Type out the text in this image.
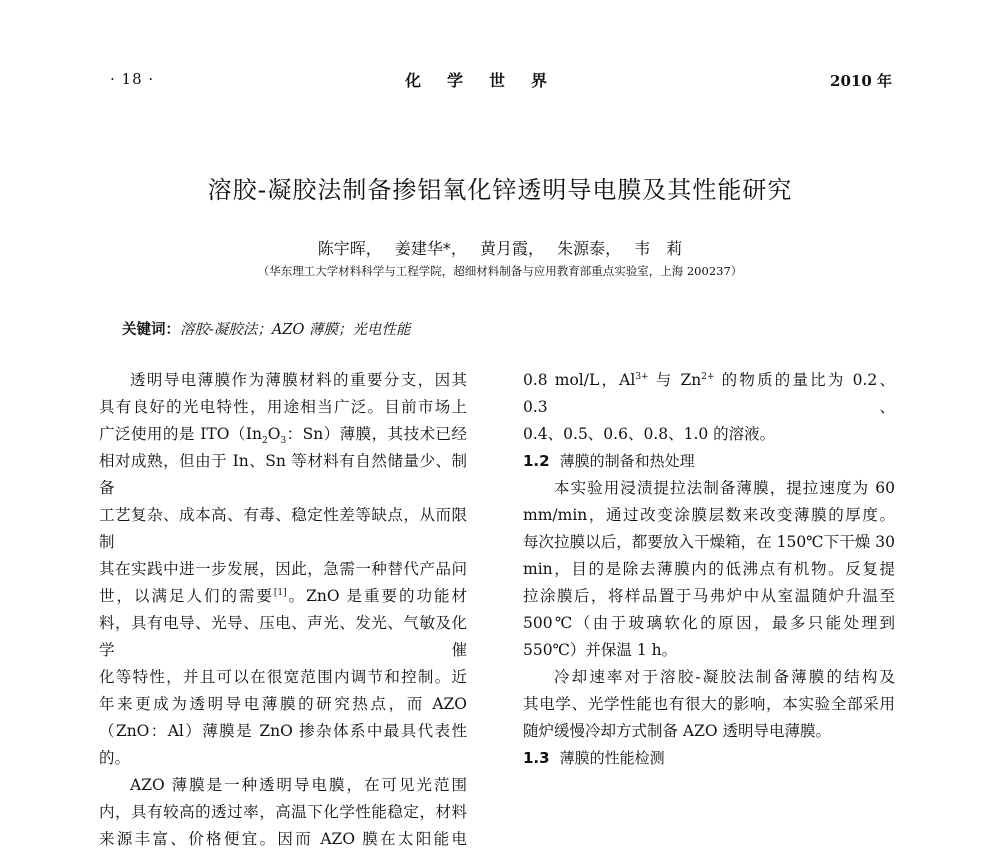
· 18 ·	化学世界	2010 年
溶胶-凝胶法制备掺铝氧化锌透明导电膜及其性能研究
陈宇晖， 姜建华*， 黄月霞， 朱源泰， 韦　莉
（华东理工大学材料科学与工程学院，超细材料制备与应用教育部重点实验室，上海 200237）
关键词：溶胶-凝胶法；AZO 薄膜；光电性能

透明导电薄膜作为薄膜材料的重要分支，因其

具有良好的光电特性，用途相当广泛。目前市场上

广泛使用的是 $ITO(In_2O_3$：Sn）薄膜，其技术已经

相对成熟，但由于 In、Sn 等材料有自然储量少、制备

工艺复杂、成本高、有毒、稳定性差等缺点，从而限制

其在实践中进一步发展，因此，急需一种替代产品问

世，以满足人们的需要[1]。ZnO 是重要的功能材

料，具有电导、光导、压电、声光、发光、气敏及化学催

化等特性，并且可以在很宽范围内调节和控制。近

年来更成为透明导电薄膜的研究热点，而 AZO

（ZnO：Al）薄膜是 ZnO 掺杂体系中最具代表性的。

AZO 薄膜是一种透明导电膜，在可见光范围

内，具有较高的透过率，高温下化学性能稳定，材料

来源丰富、价格便宜。因而 AZO 膜在太阳能电

0.8 mol/L，$Al^{3+}$ 与 $Zn^{2+}$ 的物质的量比为 0.2、0.3、

0.4、0.5、0.6、0.8、1.0 的溶液。

1.2 薄膜的制备和热处理

本实验用浸渍提拉法制备薄膜，提拉速度为 60

mm/min，通过改变涂膜层数来改变薄膜的厚度。

每次拉膜以后，都要放入干燥箱，在 150℃下干燥 30

min，目的是除去薄膜内的低沸点有机物。反复提

拉涂膜后，将样品置于马弗炉中从室温随炉升温至

500℃（由于玻璃软化的原因，最多只能处理到

550℃）并保温 1 h。

冷却速率对于溶胶-凝胶法制备薄膜的结构及

其电学、光学性能也有很大的影响，本实验全部采用

随炉缓慢冷却方式制备 AZO 透明导电薄膜。

1.3 薄膜的性能检测
